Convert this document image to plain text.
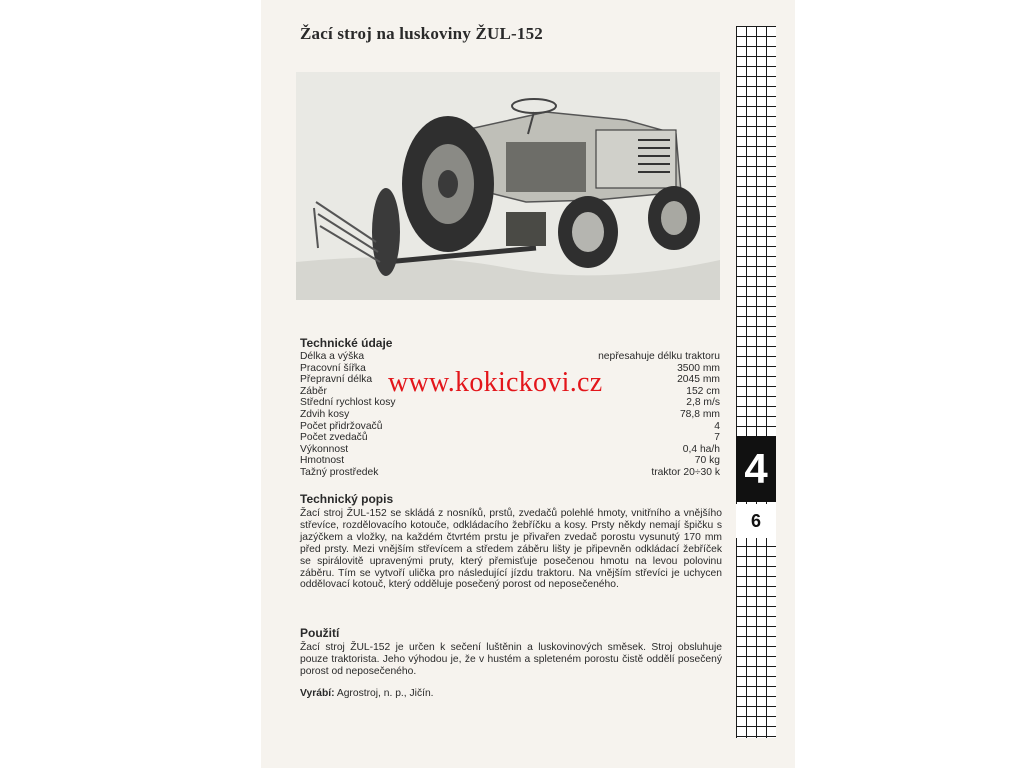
Žací stroj na luskoviny ŽUL-152
Technické údaje
Délka a výška	nepřesahuje délku traktoru
Pracovní šířka	3500 mm
Přepravní délka	2045 mm
Záběr	152 cm
Střední rychlost kosy	2,8 m/s
Zdvih kosy	78,8 mm
Počet přidržovačů	4
Počet zvedačů	7
Výkonnost	0,4 ha/h
Hmotnost	70 kg
Tažný prostředek	traktor 20÷30 k
Technický popis
Žací stroj ŽUL-152 se skládá z nosníků, prstů, zvedačů polehlé hmoty, vnitřního a vnějšího střevíce, rozdělovacího kotouče, odkládacího žebříčku a kosy. Prsty někdy nemají špičku s jazýčkem a vložky, na každém čtvrtém prstu je přivařen zvedač porostu vysunutý 170 mm před prsty. Mezi vnějším střevícem a středem záběru lišty je připevněn odkládací žebříček se spirálovitě upravenými pruty, který přemisťuje posečenou hmotu na levou polovinu záběru. Tím se vytvoří ulička pro následující jízdu traktoru. Na vnějším střevíci je uchycen oddělovací kotouč, který odděluje posečený porost od neposečeného.
Použití
Žací stroj ŽUL-152 je určen k sečení luštěnin a luskovinových směsek. Stroj obsluhuje pouze traktorista. Jeho výhodou je, že v hustém a spleteném porostu čistě oddělí posečený porost od neposečeného.
Vyrábí: Agrostroj, n. p., Jičín.
www.kokickovi.cz
4
6
